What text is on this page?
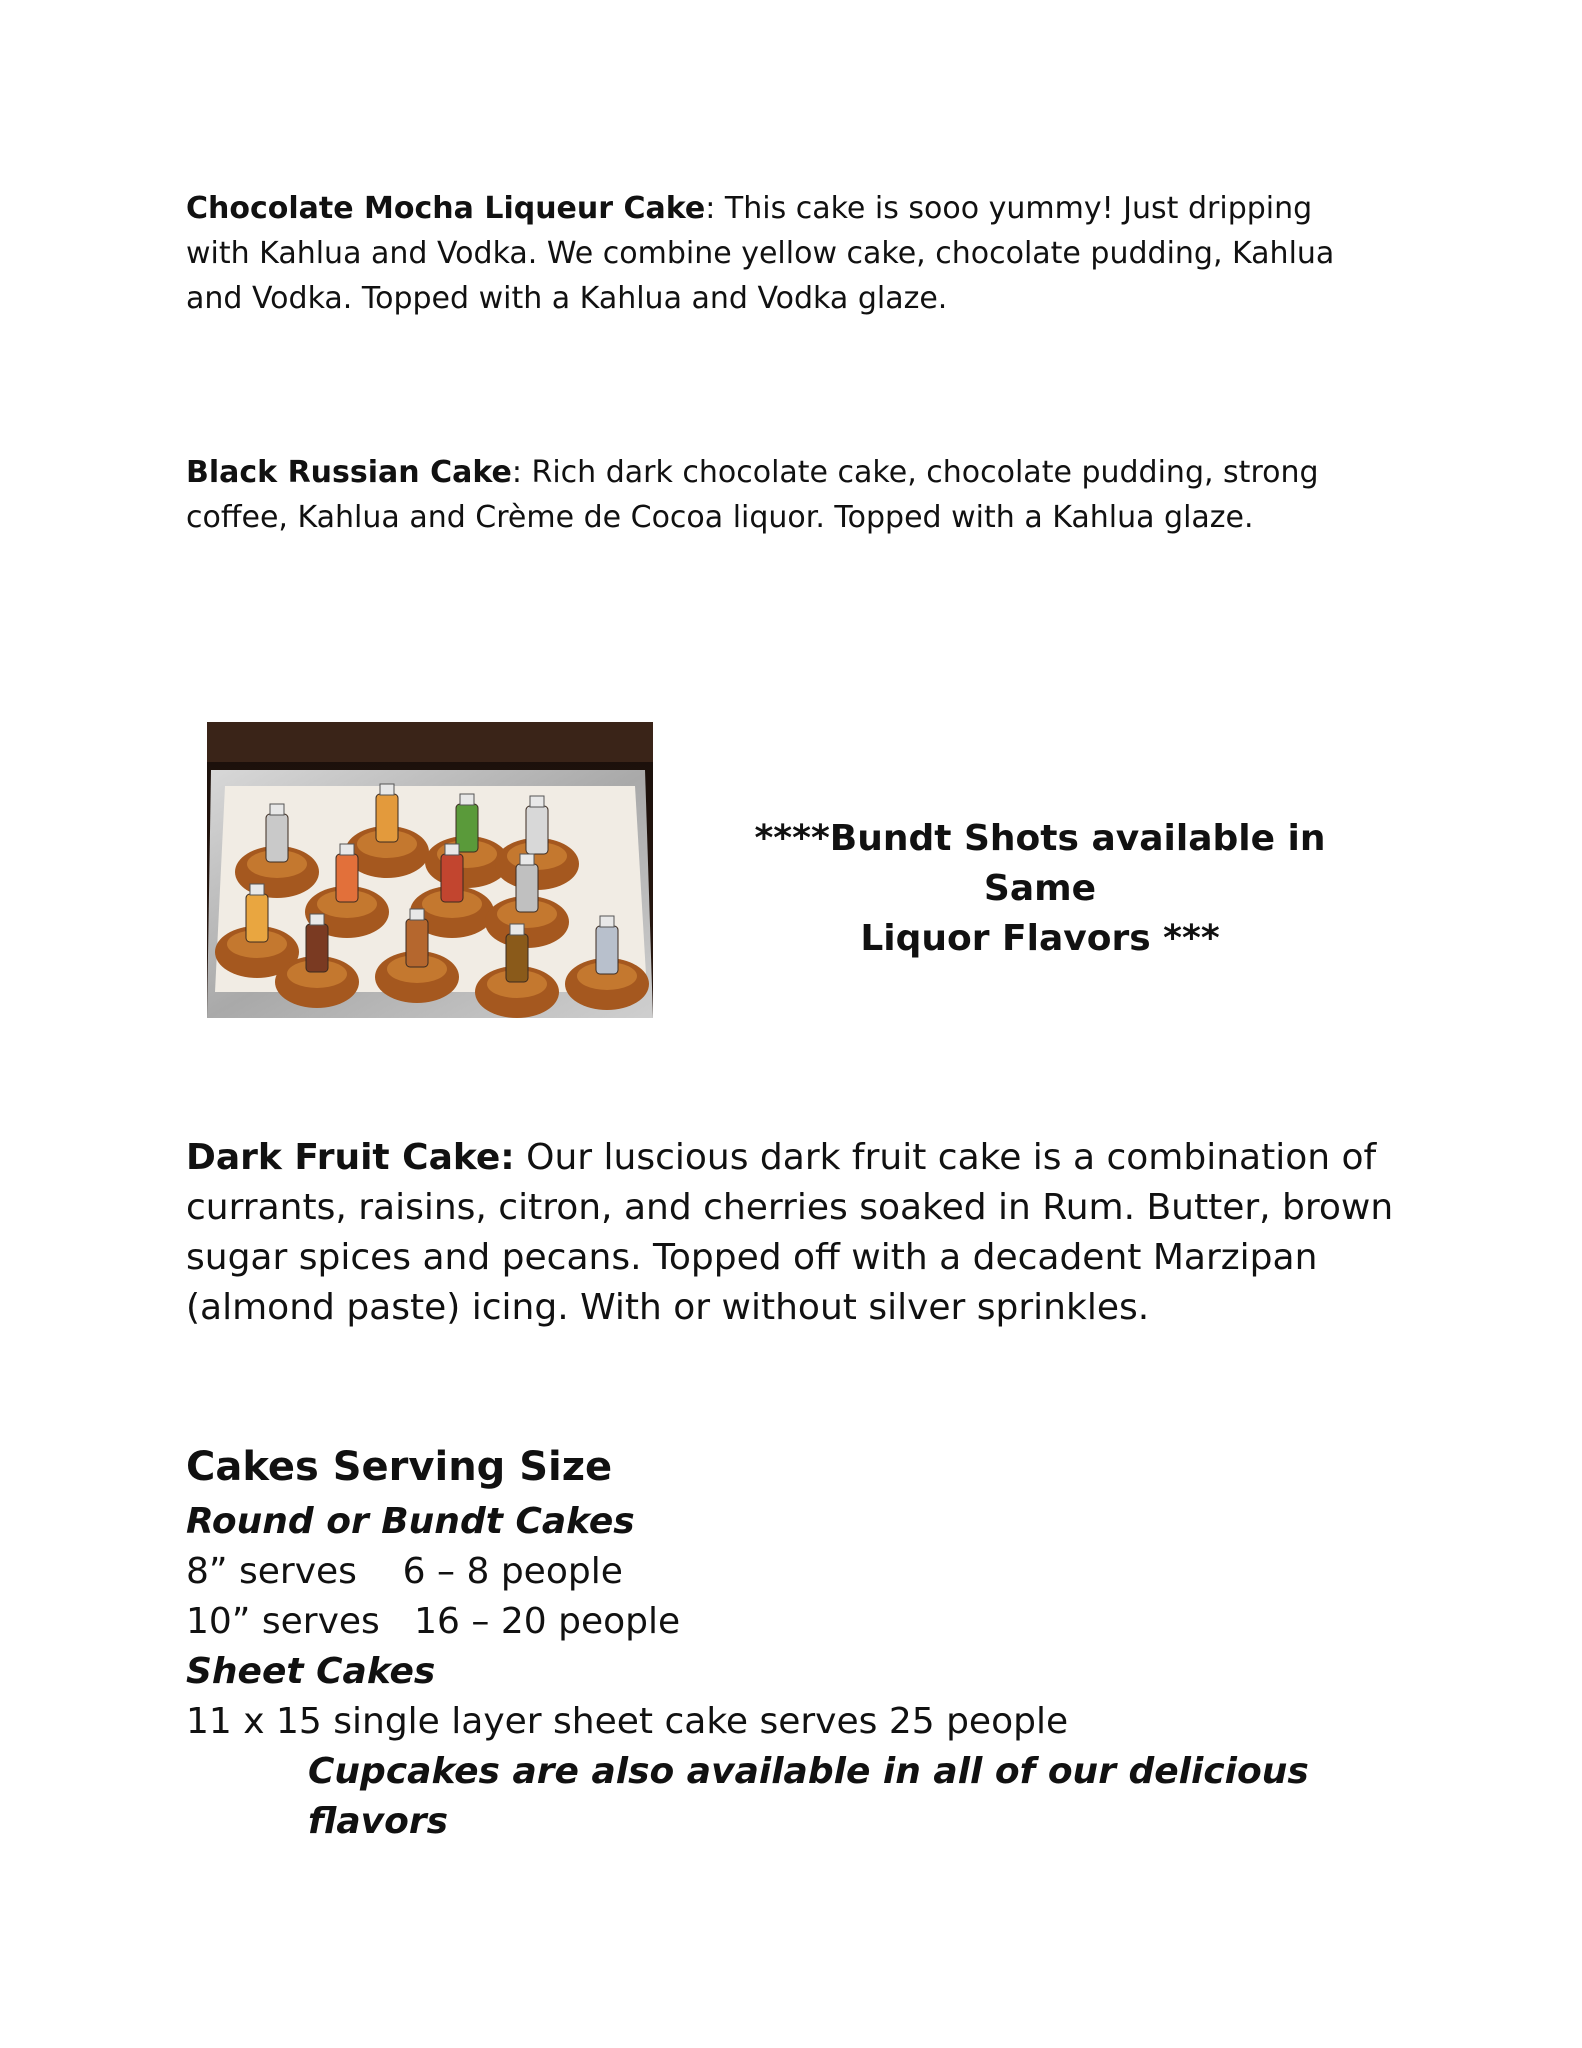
Chocolate Mocha Liqueur Cake: This cake is sooo yummy! Just dripping with Kahlua and Vodka. We combine yellow cake, chocolate pudding, Kahlua and Vodka. Topped with a Kahlua and Vodka glaze.
Black Russian Cake: Rich dark chocolate cake, chocolate pudding, strong coffee, Kahlua and Crème de Cocoa liquor. Topped with a Kahlua glaze.
****Bundt Shots available in Same
Liquor Flavors ***
Dark Fruit Cake: Our luscious dark fruit cake is a combination of currants, raisins, citron, and cherries soaked in Rum. Butter, brown sugar spices and pecans. Topped off with a decadent Marzipan (almond paste) icing. With or without silver sprinkles.
Cakes Serving Size
Round or Bundt Cakes
8” serves    6 – 8 people
10” serves   16 – 20 people
Sheet Cakes
11 x 15 single layer sheet cake serves 25 people
Cupcakes are also available in all of our delicious flavors
